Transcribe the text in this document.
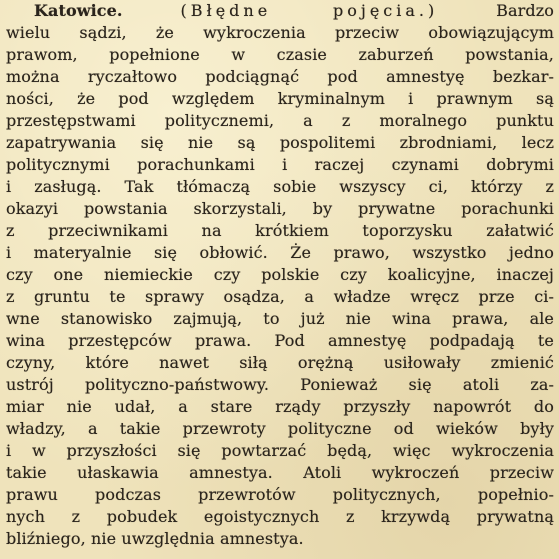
Katowice.	(Błędne pojęcia.)	Bardzo
wielu sądzi, że wykroczenia przeciw obowiązującym
prawom, popełnione w czasie zaburzeń powstania,
można ryczałtowo podciągnąć pod amnestyę bezkar-
ności, że pod względem kryminalnym i prawnym są
przestępstwami politycznemi, a z moralnego punktu
zapatrywania się nie są pospolitemi zbrodniami, lecz
politycznymi porachunkami i raczej czynami dobrymi
i zasługą. Tak tłómaczą sobie wszyscy ci, którzy z
okazyi powstania skorzystali, by prywatne porachunki
z przeciwnikami na krótkiem toporzysku załatwić
i materyalnie się obłowić. Że prawo, wszystko jedno
czy one niemieckie czy polskie czy koalicyjne, inaczej
z gruntu te sprawy osądza, a władze wręcz prze ci-
wne stanowisko zajmują, to już nie wina prawa, ale
wina przestępców prawa. Pod amnestyę podpadają te
czyny, które nawet siłą orężną usiłowały zmienić
ustrój polityczno-państwowy. Ponieważ się atoli za-
miar nie udał, a stare rządy przyszły napowrót do
władzy, a takie przewroty polityczne od wieków były
i w przyszłości się powtarzać będą, więc wykroczenia
takie ułaskawia amnestya. Atoli wykroczeń przeciw
prawu podczas przewrotów politycznych, popełnio-
nych z pobudek egoistycznych z krzywdą prywatną
bliźniego, nie uwzględnia amnestya.
